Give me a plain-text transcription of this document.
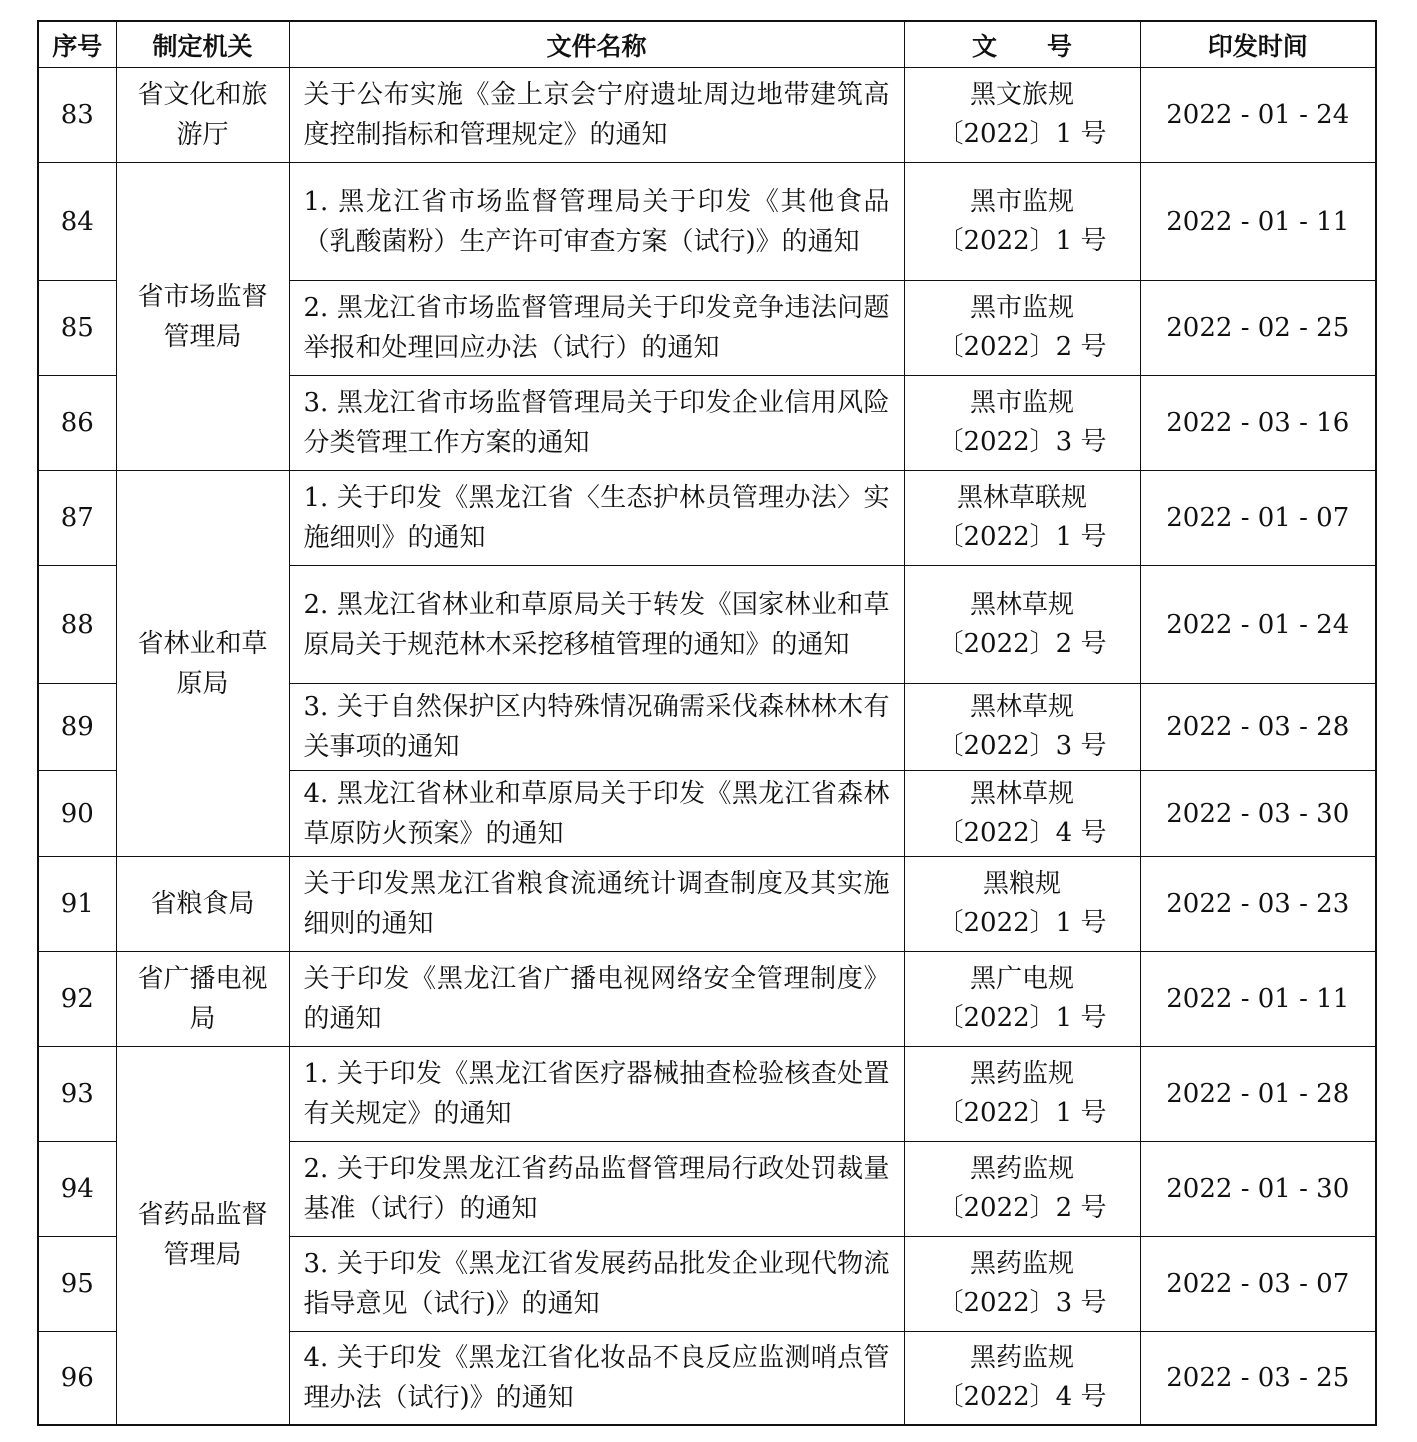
序号	制定机关	文件名称	文　　号	印发时间
83	省文化和旅游厅	关于公布实施《金上京会宁府遗址周边地带建筑高度控制指标和管理规定》的通知	黑文旅规
〔2022〕1 号	2022 - 01 - 24
84	省市场监督管理局	1. 黑龙江省市场监督管理局关于印发《其他食品（乳酸菌粉）生产许可审查方案（试行)》的通知	黑市监规
〔2022〕1 号	2022 - 01 - 11
85		2. 黑龙江省市场监督管理局关于印发竞争违法问题举报和处理回应办法（试行）的通知	黑市监规
〔2022〕2 号	2022 - 02 - 25
86		3. 黑龙江省市场监督管理局关于印发企业信用风险分类管理工作方案的通知	黑市监规
〔2022〕3 号	2022 - 03 - 16
87	省林业和草原局	1. 关于印发《黑龙江省〈生态护林员管理办法〉实施细则》的通知	黑林草联规
〔2022〕1 号	2022 - 01 - 07
88		2. 黑龙江省林业和草原局关于转发《国家林业和草原局关于规范林木采挖移植管理的通知》的通知	黑林草规
〔2022〕2 号	2022 - 01 - 24
89		3. 关于自然保护区内特殊情况确需采伐森林林木有关事项的通知	黑林草规
〔2022〕3 号	2022 - 03 - 28
90		4. 黑龙江省林业和草原局关于印发《黑龙江省森林草原防火预案》的通知	黑林草规
〔2022〕4 号	2022 - 03 - 30
91	省粮食局	关于印发黑龙江省粮食流通统计调查制度及其实施细则的通知	黑粮规
〔2022〕1 号	2022 - 03 - 23
92	省广播电视局	关于印发《黑龙江省广播电视网络安全管理制度》的通知	黑广电规
〔2022〕1 号	2022 - 01 - 11
93	省药品监督管理局	1. 关于印发《黑龙江省医疗器械抽查检验核查处置有关规定》的通知	黑药监规
〔2022〕1 号	2022 - 01 - 28
94		2. 关于印发黑龙江省药品监督管理局行政处罚裁量基准（试行）的通知	黑药监规
〔2022〕2 号	2022 - 01 - 30
95		3. 关于印发《黑龙江省发展药品批发企业现代物流指导意见（试行)》的通知	黑药监规
〔2022〕3 号	2022 - 03 - 07
96		4. 关于印发《黑龙江省化妆品不良反应监测哨点管理办法（试行)》的通知	黑药监规
〔2022〕4 号	2022 - 03 - 25
